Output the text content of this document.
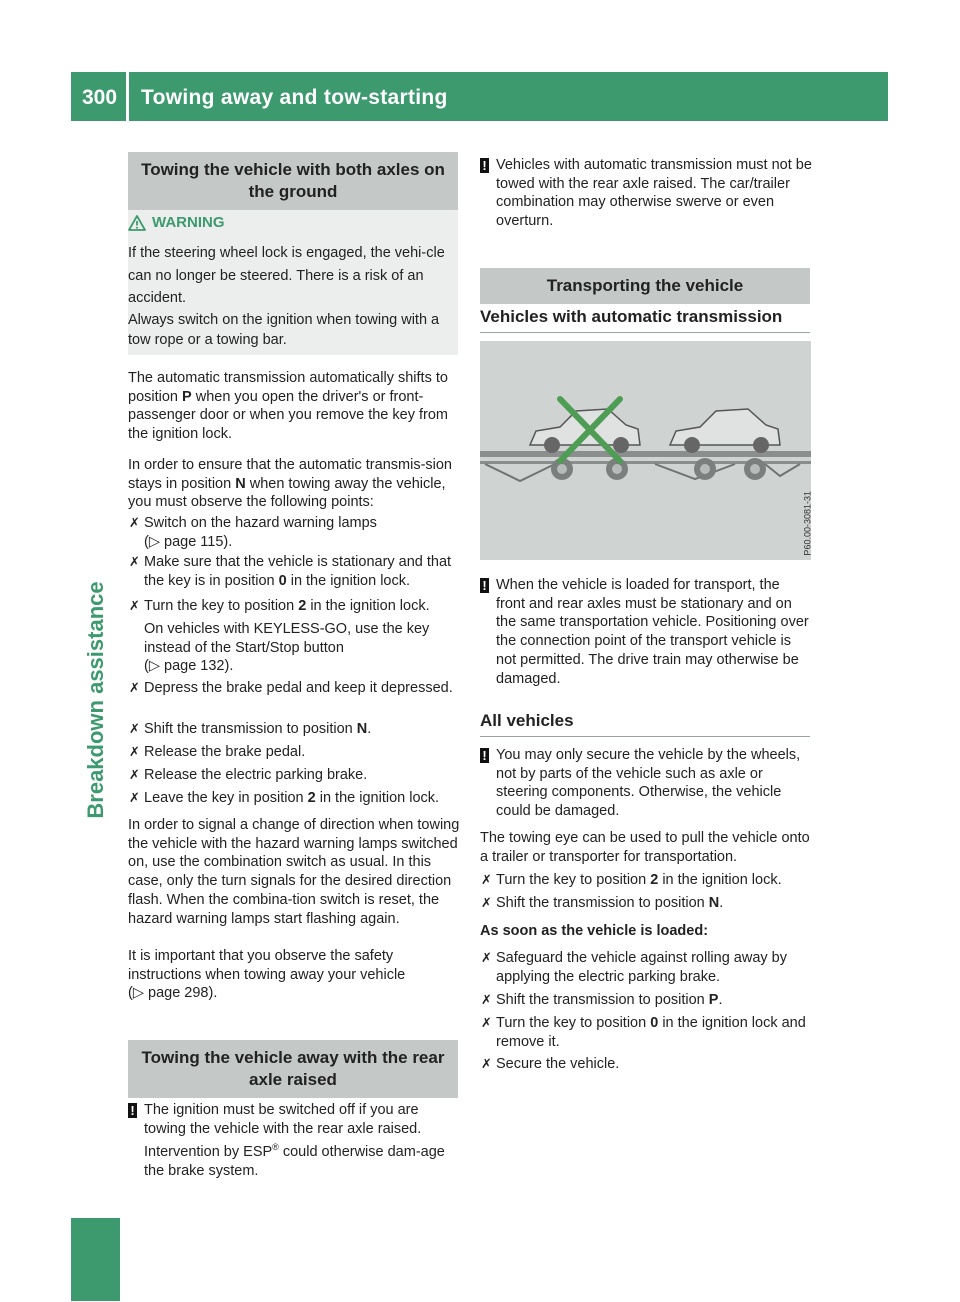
300 Towing away and tow-starting
Breakdown assistance
Towing the vehicle with both axles on the ground
WARNING
If the steering wheel lock is engaged, the vehi-cle can no longer be steered. There is a risk of an accident.
Always switch on the ignition when towing with a tow rope or a towing bar.
The automatic transmission automatically shifts to position P when you open the driver's or front-passenger door or when you remove the key from the ignition lock.
In order to ensure that the automatic transmis-sion stays in position N when towing away the vehicle, you must observe the following points:
✗ Switch on the hazard warning lamps
(▷ page 115).
✗ Make sure that the vehicle is stationary and that the key is in position 0 in the ignition lock.
✗ Turn the key to position 2 in the ignition lock.
On vehicles with KEYLESS-GO, use the key instead of the Start/Stop button
(▷ page 132).
✗ Depress the brake pedal and keep it depressed.
✗ Shift the transmission to position N.
✗ Release the brake pedal.
✗ Release the electric parking brake.
✗ Leave the key in position 2 in the ignition lock.
In order to signal a change of direction when towing the vehicle with the hazard warning lamps switched on, use the combination switch as usual. In this case, only the turn signals for the desired direction flash. When the combina-tion switch is reset, the hazard warning lamps start flashing again.
It is important that you observe the safety instructions when towing away your vehicle
(▷ page 298).
Towing the vehicle away with the rear axle raised
! The ignition must be switched off if you are towing the vehicle with the rear axle raised. Intervention by ESP® could otherwise dam-age the brake system.
! Vehicles with automatic transmission must not be towed with the rear axle raised. The car/trailer combination may otherwise swerve or even overturn.
Transporting the vehicle
Vehicles with automatic transmission
P60.00-3081-31
! When the vehicle is loaded for transport, the front and rear axles must be stationary and on the same transportation vehicle. Positioning over the connection point of the transport vehicle is not permitted. The drive train may otherwise be damaged.
All vehicles
! You may only secure the vehicle by the wheels, not by parts of the vehicle such as axle or steering components. Otherwise, the vehicle could be damaged.
The towing eye can be used to pull the vehicle onto a trailer or transporter for transportation.
✗ Turn the key to position 2 in the ignition lock.
✗ Shift the transmission to position N.
As soon as the vehicle is loaded:
✗ Safeguard the vehicle against rolling away by applying the electric parking brake.
✗ Shift the transmission to position P.
✗ Turn the key to position 0 in the ignition lock and remove it.
✗ Secure the vehicle.
